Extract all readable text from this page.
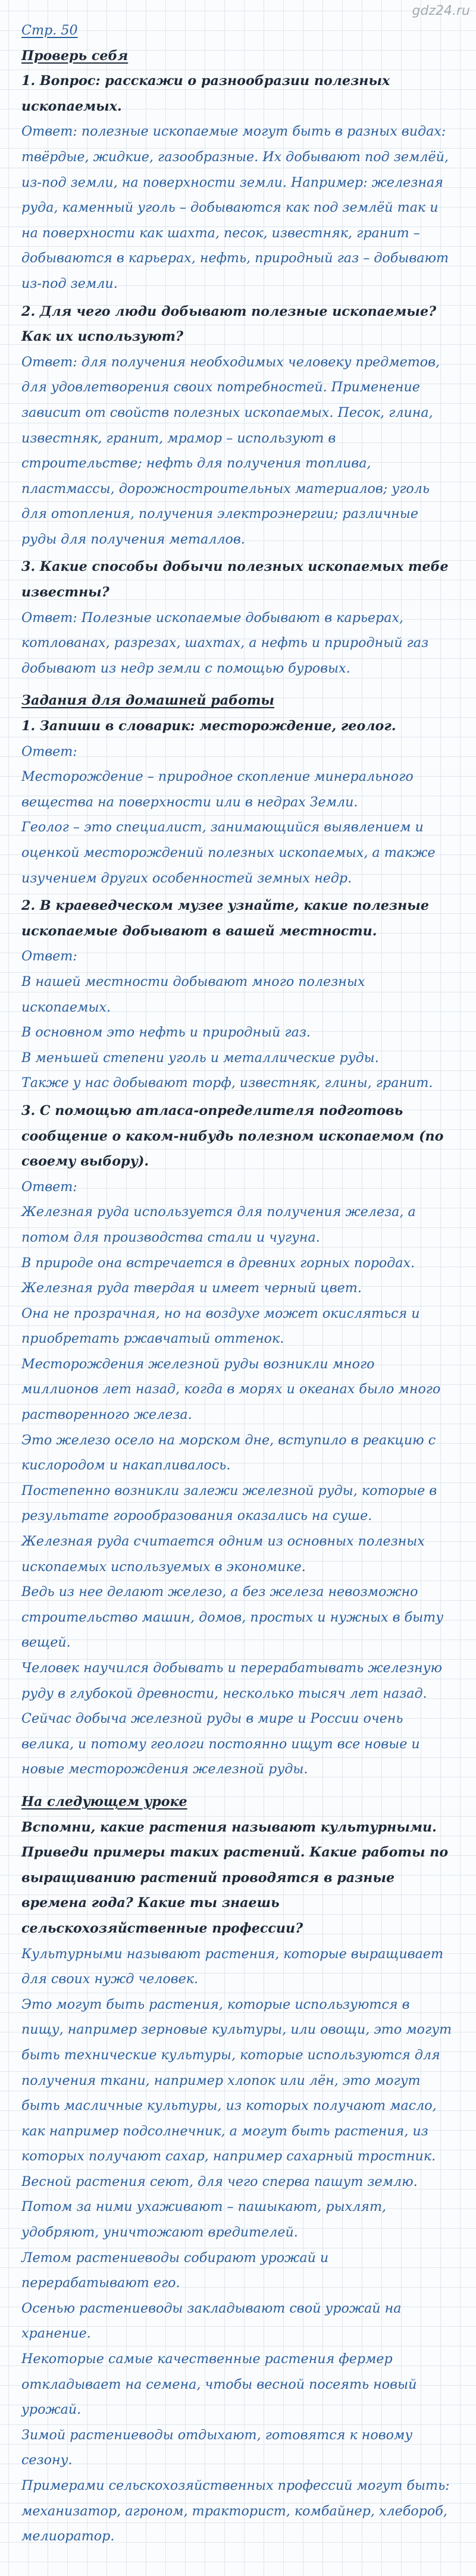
gdz24.ru

Стр. 50

Проверь себя

1. Вопрос: расскажи о разнообразии полезных ископаемых.

Ответ: полезные ископаемые могут быть в разных видах: твёрдые, жидкие, газообразные. Их добывают под землёй, из-под земли, на поверхности земли. Например: железная руда, каменный уголь – добываются как под землёй так и на поверхности как шахта, песок, известняк, гранит – добываются в карьерах, нефть, природный газ – добывают из-под земли.

2. Для чего люди добывают полезные ископаемые? Как их используют?

Ответ: для получения необходимых человеку предметов, для удовлетворения своих потребностей. Применение зависит от свойств полезных ископаемых. Песок, глина, известняк, гранит, мрамор – используют в строительстве; нефть для получения топлива, пластмассы, дорожностроительных материалов; уголь для отопления, получения электроэнергии; различные руды для получения металлов.

3. Какие способы добычи полезных ископаемых тебе известны?

Ответ: Полезные ископаемые добывают в карьерах, котлованах, разрезах, шахтах, а нефть и природный газ добывают из недр земли с помощью буровых.

Задания для домашней работы

1. Запиши в словарик: месторождение, геолог.

Ответ:

Месторождение – природное скопление минерального вещества на поверхности или в недрах Земли.

Геолог – это специалист, занимающийся выявлением и оценкой месторождений полезных ископаемых, а также изучением других особенностей земных недр.

2. В краеведческом музее узнайте, какие полезные ископаемые добывают в вашей местности.

Ответ:

В нашей местности добывают много полезных ископаемых.

В основном это нефть и природный газ.

В меньшей степени уголь и металлические руды.

Также у нас добывают торф, известняк, глины, гранит.

3. С помощью атласа-определителя подготовь сообщение о каком-нибудь полезном ископаемом (по своему выбору).

Ответ:

Железная руда используется для получения железа, а потом для производства стали и чугуна.

В природе она встречается в древних горных породах.

Железная руда твердая и имеет черный цвет.

Она не прозрачная, но на воздухе может окисляться и приобретать ржавчатый оттенок.

Месторождения железной руды возникли много миллионов лет назад, когда в морях и океанах было много растворенного железа.

Это железо осело на морском дне, вступило в реакцию с кислородом и накапливалось.

Постепенно возникли залежи железной руды, которые в результате горообразования оказались на суше.

Железная руда считается одним из основных полезных ископаемых используемых в экономике.

Ведь из нее делают железо, а без железа невозможно строительство машин, домов, простых и нужных в быту вещей.

Человек научился добывать и перерабатывать железную руду в глубокой древности, несколько тысяч лет назад.

Сейчас добыча железной руды в мире и России очень велика, и потому геологи постоянно ищут все новые и новые месторождения железной руды.

На следующем уроке

Вспомни, какие растения называют культурными. Приведи примеры таких растений. Какие работы по выращиванию растений проводятся в разные времена года? Какие ты знаешь сельскохозяйственные профессии?

Культурными называют растения, которые выращивает для своих нужд человек.

Это могут быть растения, которые используются в пищу, например зерновые культуры, или овощи, это могут быть технические культуры, которые используются для получения ткани, например хлопок или лён, это могут быть масличные культуры, из которых получают масло, как например подсолнечник, а могут быть растения, из которых получают сахар, например сахарный тростник.

Весной растения сеют, для чего сперва пашут землю.

Потом за ними ухаживают – пашыкают, рыхлят, удобряют, уничтожают вредителей.

Летом растениеводы собирают урожай и перерабатывают его.

Осенью растениеводы закладывают свой урожай на хранение.

Некоторые самые качественные растения фермер откладывает на семена, чтобы весной посеять новый урожай.

Зимой растениеводы отдыхают, готовятся к новому сезону.

Примерами сельскохозяйственных профессий могут быть: механизатор, агроном, тракторист, комбайнер, хлебороб, мелиоратор.
